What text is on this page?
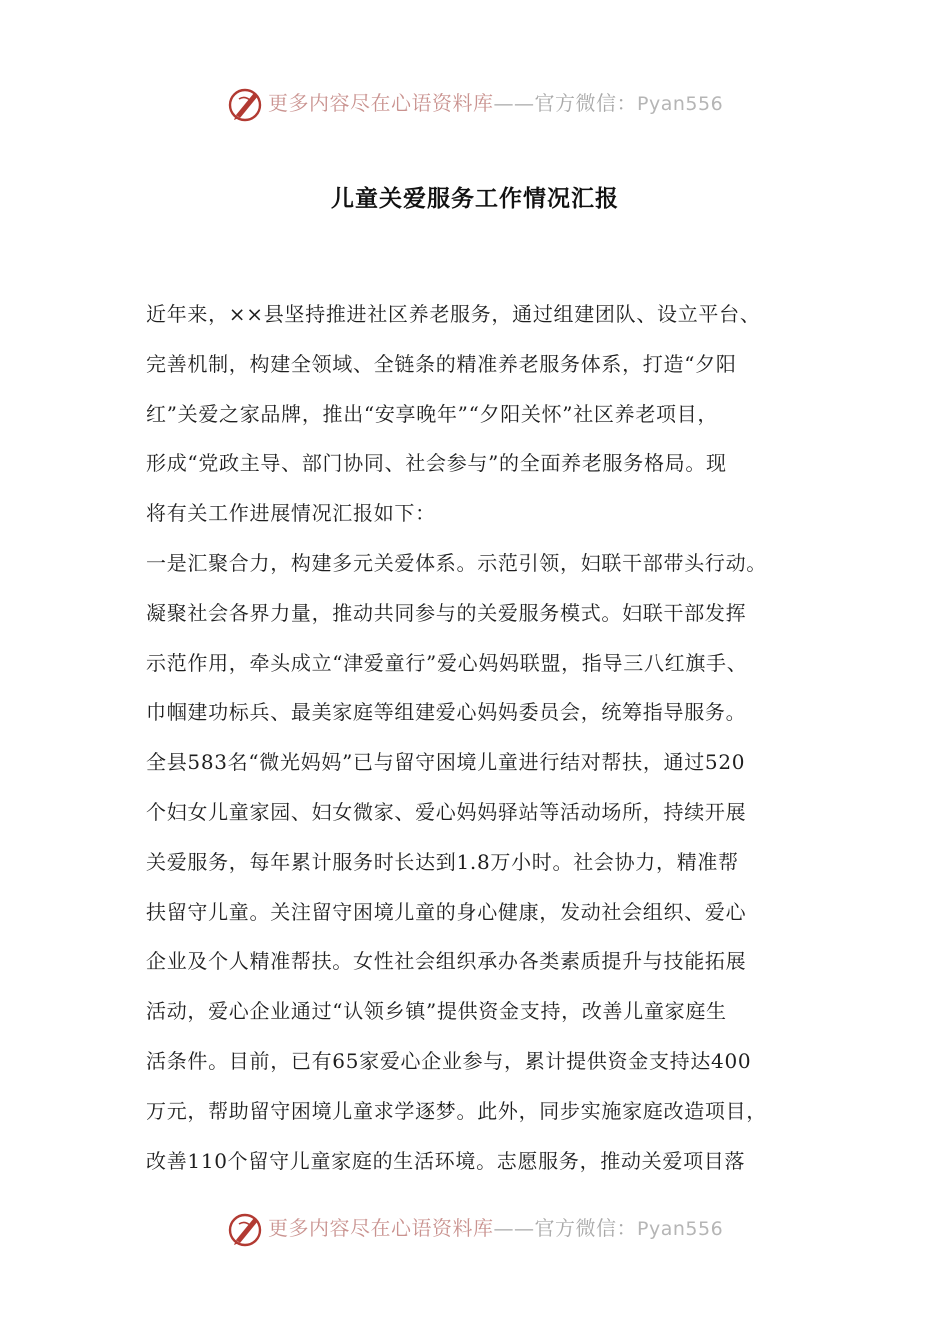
更多内容尽在心语资料库——官方微信：Pyan556
儿童关爱服务工作情况汇报
近年来，××县坚持推进社区养老服务，通过组建团队、设立平台、
完善机制，构建全领域、全链条的精准养老服务体系，打造“夕阳
红”关爱之家品牌，推出“安享晚年”“夕阳关怀”社区养老项目，
形成“党政主导、部门协同、社会参与”的全面养老服务格局。现
将有关工作进展情况汇报如下：
一是汇聚合力，构建多元关爱体系。示范引领，妇联干部带头行动。
凝聚社会各界力量，推动共同参与的关爱服务模式。妇联干部发挥
示范作用，牵头成立“津爱童行”爱心妈妈联盟，指导三八红旗手、
巾帼建功标兵、最美家庭等组建爱心妈妈委员会，统筹指导服务。
全县583名“微光妈妈”已与留守困境儿童进行结对帮扶，通过520
个妇女儿童家园、妇女微家、爱心妈妈驿站等活动场所，持续开展
关爱服务，每年累计服务时长达到1.8万小时。社会协力，精准帮
扶留守儿童。关注留守困境儿童的身心健康，发动社会组织、爱心
企业及个人精准帮扶。女性社会组织承办各类素质提升与技能拓展
活动，爱心企业通过“认领乡镇”提供资金支持，改善儿童家庭生
活条件。目前，已有65家爱心企业参与，累计提供资金支持达400
万元，帮助留守困境儿童求学逐梦。此外，同步实施家庭改造项目，
改善110个留守儿童家庭的生活环境。志愿服务，推动关爱项目落
更多内容尽在心语资料库——官方微信：Pyan556
